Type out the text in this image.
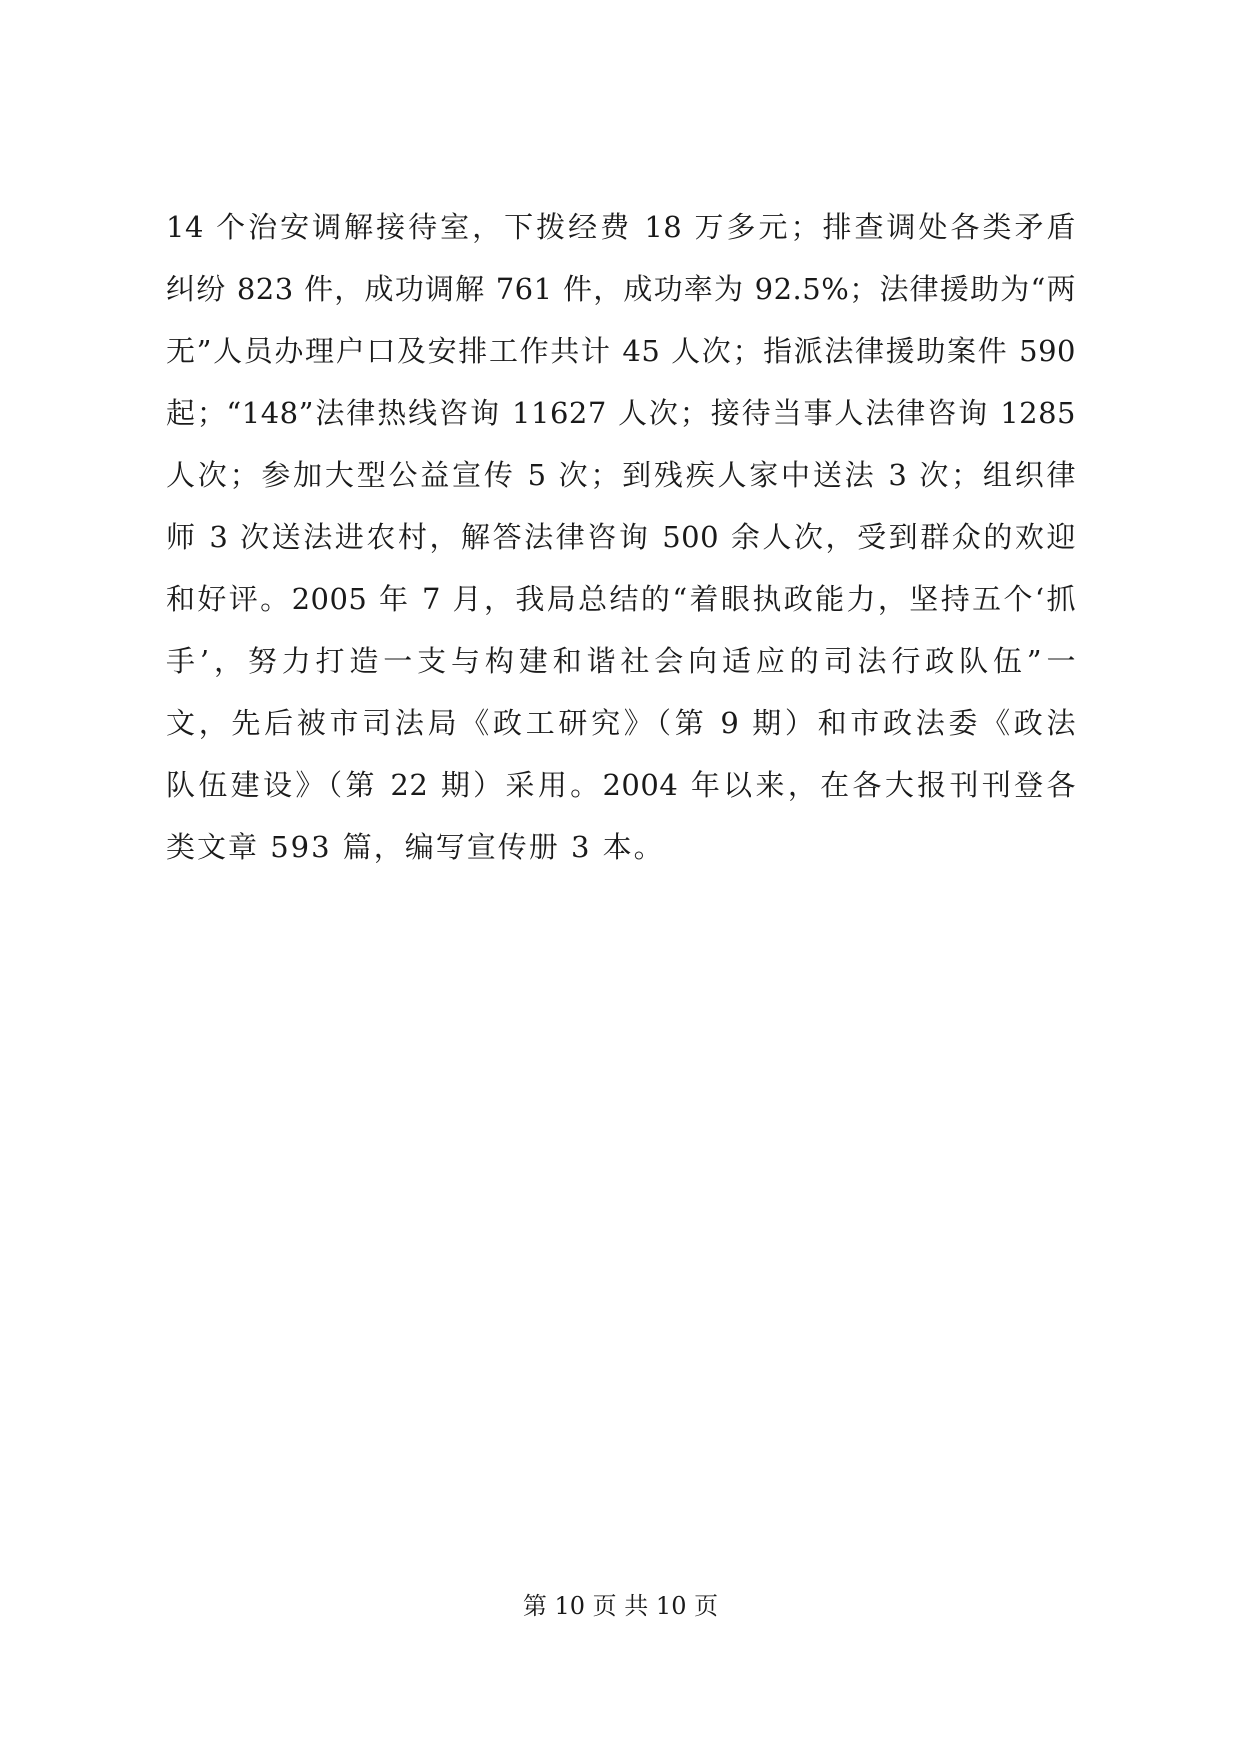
14 个治安调解接待室，下拨经费 18 万多元；排查调处各类矛盾
纠纷 823 件，成功调解 761 件，成功率为 92.5%；法律援助为“两
无”人员办理户口及安排工作共计 45 人次；指派法律援助案件 590
起；“148”法律热线咨询 11627 人次；接待当事人法律咨询 1285
人次；参加大型公益宣传 5 次；到残疾人家中送法 3 次；组织律
师 3 次送法进农村，解答法律咨询 500 余人次，受到群众的欢迎
和好评。2005 年 7 月，我局总结的“着眼执政能力，坚持五个‘抓
手’，努力打造一支与构建和谐社会向适应的司法行政队伍”一
文，先后被市司法局《政工研究》（第 9 期）和市政法委《政法
队伍建设》（第 22 期）采用。2004 年以来，在各大报刊刊登各
类文章 593 篇，编写宣传册 3 本。
第 10 页 共 10 页
